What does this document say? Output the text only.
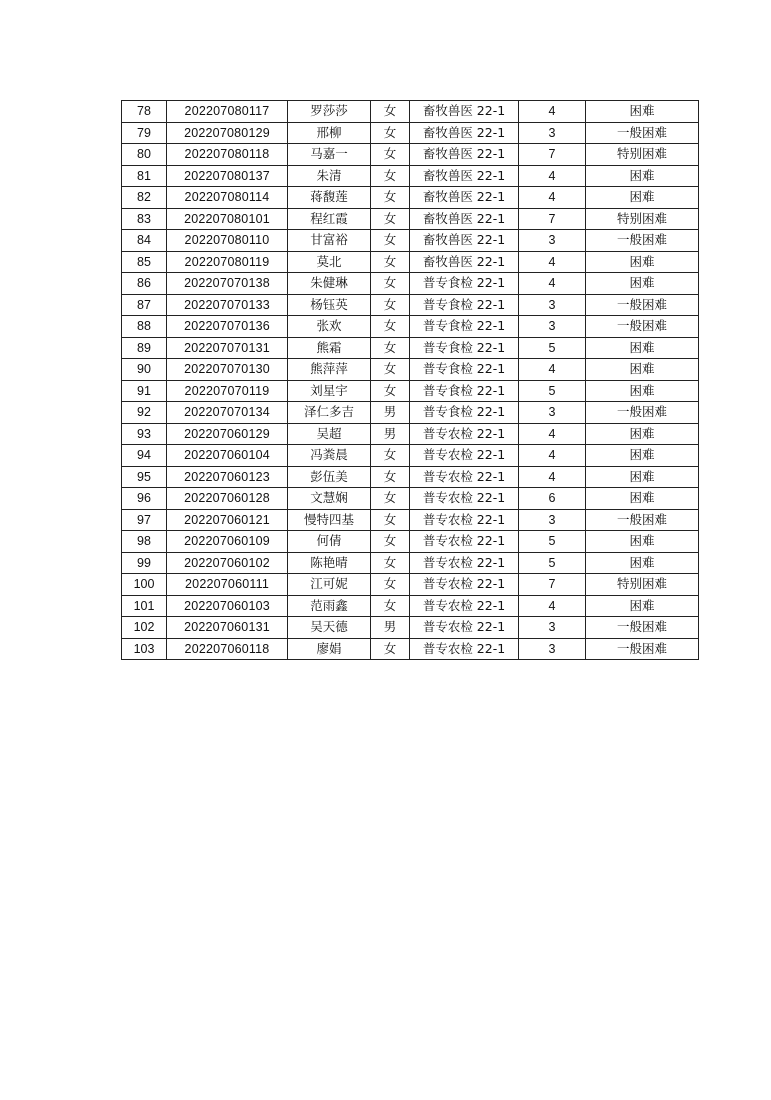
78	202207080117	罗莎莎	女	畜牧兽医 22-1	4	困难
79	202207080129	邢柳	女	畜牧兽医 22-1	3	一般困难
80	202207080118	马嘉一	女	畜牧兽医 22-1	7	特别困难
81	202207080137	朱清	女	畜牧兽医 22-1	4	困难
82	202207080114	蒋馥莲	女	畜牧兽医 22-1	4	困难
83	202207080101	程红霞	女	畜牧兽医 22-1	7	特别困难
84	202207080110	甘富裕	女	畜牧兽医 22-1	3	一般困难
85	202207080119	莫北	女	畜牧兽医 22-1	4	困难
86	202207070138	朱健琳	女	普专食检 22-1	4	困难
87	202207070133	杨钰英	女	普专食检 22-1	3	一般困难
88	202207070136	张欢	女	普专食检 22-1	3	一般困难
89	202207070131	熊霜	女	普专食检 22-1	5	困难
90	202207070130	熊萍萍	女	普专食检 22-1	4	困难
91	202207070119	刘星宇	女	普专食检 22-1	5	困难
92	202207070134	泽仁多吉	男	普专食检 22-1	3	一般困难
93	202207060129	吴超	男	普专农检 22-1	4	困难
94	202207060104	冯粪晨	女	普专农检 22-1	4	困难
95	202207060123	彭伍美	女	普专农检 22-1	4	困难
96	202207060128	文慧娴	女	普专农检 22-1	6	困难
97	202207060121	慢特四基	女	普专农检 22-1	3	一般困难
98	202207060109	何倩	女	普专农检 22-1	5	困难
99	202207060102	陈艳晴	女	普专农检 22-1	5	困难
100	202207060111	江可妮	女	普专农检 22-1	7	特别困难
101	202207060103	范雨鑫	女	普专农检 22-1	4	困难
102	202207060131	吴天德	男	普专农检 22-1	3	一般困难
103	202207060118	廖娟	女	普专农检 22-1	3	一般困难
